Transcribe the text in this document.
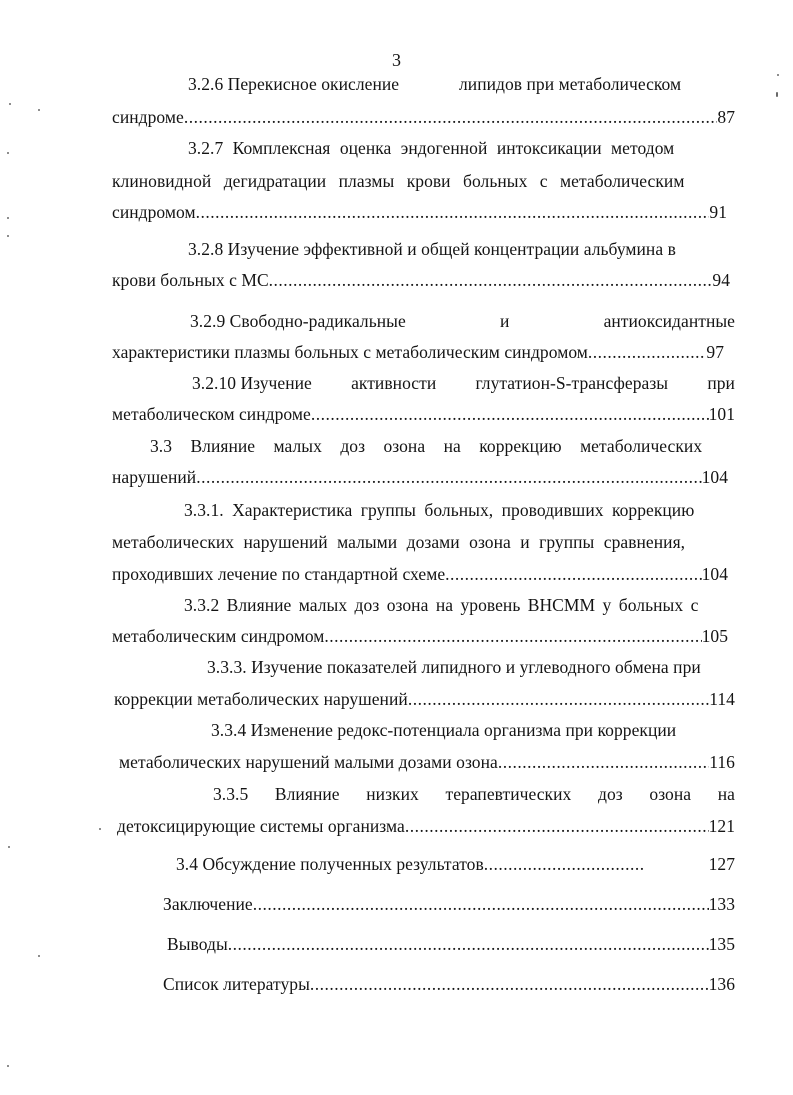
3
3.2.6 Перекисное окисление	липидов при метаболическом
синдроме .....	87
3.2.7 Комплексная оценка эндогенной интоксикации методом
клиновидной дегидратации плазмы крови больных с метаболическим
синдромом .....	91
3.2.8 Изучение эффективной и общей концентрации альбумина в
крови больных с МС .....	94
3.2.9 Свободно-радикальные	и	антиоксидантные
характеристики плазмы больных с метаболическим синдромом .....	97
3.2.10 Изучение активности глутатион-S-трансферазы при
метаболическом синдроме .....	101
3.3 Влияние малых доз озона на коррекцию метаболических
нарушений .....	104
3.3.1. Характеристика группы больных, проводивших коррекцию
метаболических нарушений малыми дозами озона и группы сравнения,
проходивших лечение по стандартной схеме .....	104
3.3.2 Влияние малых доз озона на уровень ВНСММ у больных с
метаболическим синдромом .....	105
3.3.3. Изучение показателей липидного и углеводного обмена при
коррекции метаболических нарушений .....	114
3.3.4 Изменение редокс-потенциала организма при коррекции
метаболических нарушений малыми дозами озона .....	116
3.3.5 Влияние низких терапевтических доз озона на
детоксицирующие системы организма .....	121
3.4 Обсуждение полученных результатов .....	127
Заключение .....	133
Выводы .....	135
Список литературы .....	136
